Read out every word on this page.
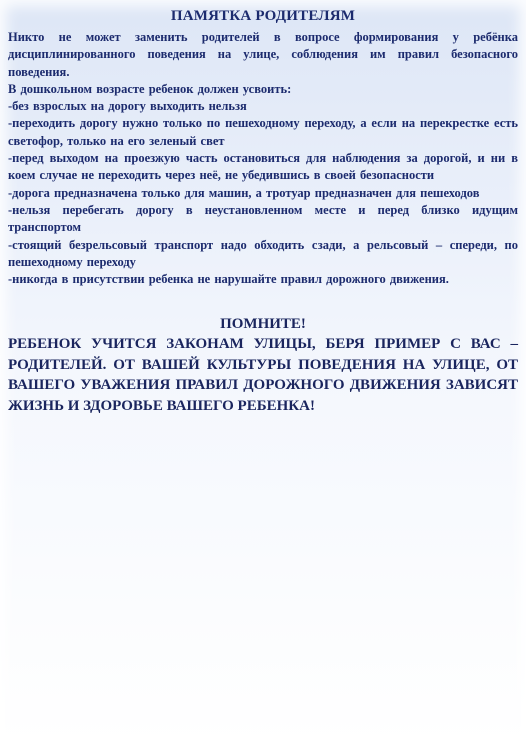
ПАМЯТКА РОДИТЕЛЯМ

Никто не может заменить родителей в вопросе формирования у ребёнка дисциплинированного поведения на улице, соблюдения им правил безопасного поведения.

В дошкольном возрасте ребенок должен усвоить:

-без взрослых на дорогу выходить нельзя

-переходить дорогу нужно только по пешеходному переходу, а если на перекрестке есть светофор, только на его зеленый свет

-перед выходом на проезжую часть остановиться для наблюдения за дорогой, и ни в коем случае не переходить через неё, не убедившись в своей безопасности

-дорога предназначена только для машин, а тротуар предназначен для пешеходов

-нельзя перебегать дорогу в неустановленном месте и перед близко идущим транспортом

-стоящий безрельсовый транспорт надо обходить сзади, а рельсовый – спереди, по пешеходному переходу

-никогда в присутствии ребенка не нарушайте правил дорожного движения.

ПОМНИТЕ!

РЕБЕНОК УЧИТСЯ ЗАКОНАМ УЛИЦЫ, БЕРЯ ПРИМЕР С ВАС – РОДИТЕЛЕЙ. ОТ ВАШЕЙ КУЛЬТУРЫ ПОВЕДЕНИЯ НА УЛИЦЕ, ОТ ВАШЕГО УВАЖЕНИЯ ПРАВИЛ ДОРОЖНОГО ДВИЖЕНИЯ ЗАВИСЯТ ЖИЗНЬ И ЗДОРОВЬЕ ВАШЕГО РЕБЕНКА!
